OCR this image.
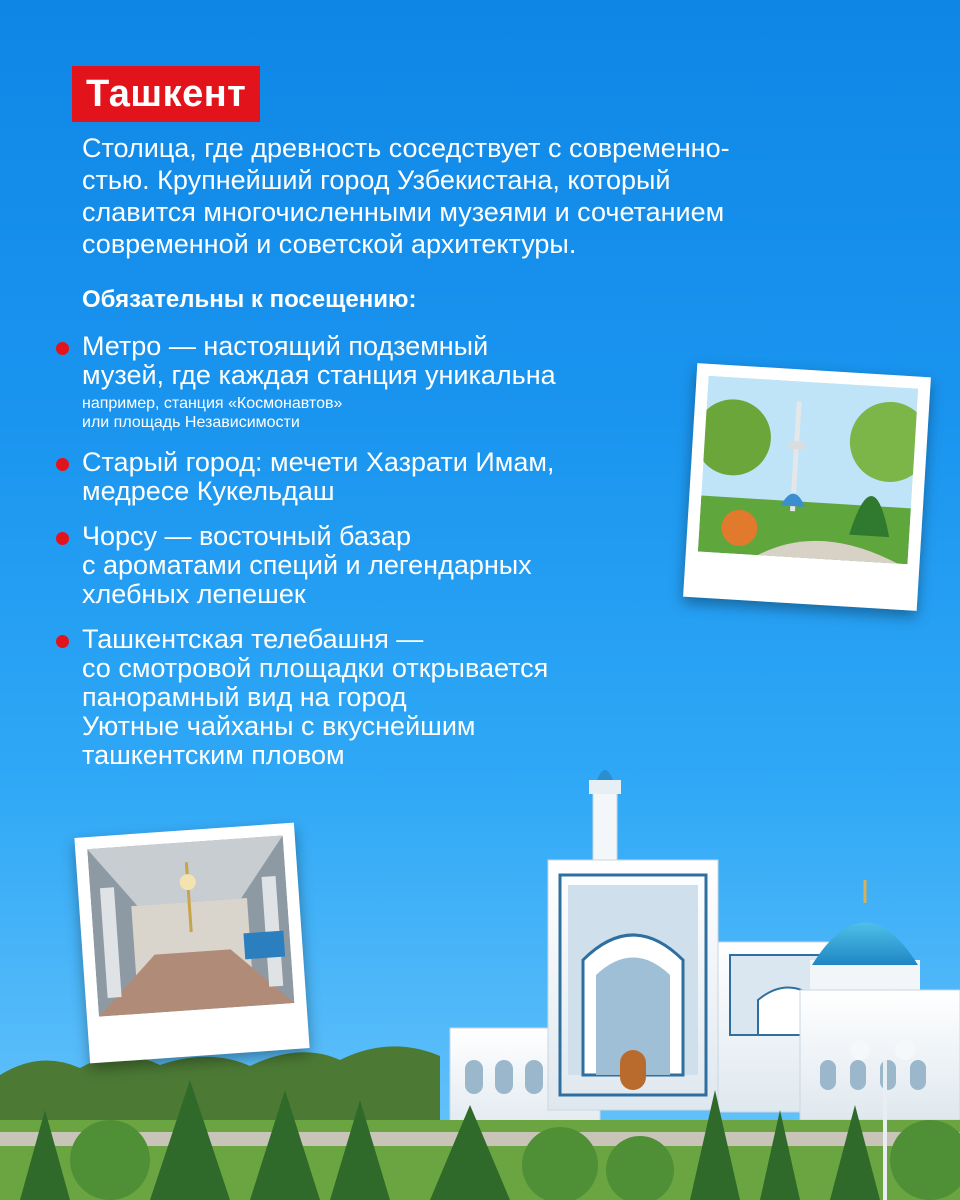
Ташкент
Столица, где древность соседствует с современно-
стью. Крупнейший город Узбекистана, который
славится многочисленными музеями и сочетанием
современной и советской архитектуры.
Обязательны к посещению:
Метро — настоящий подземный
музей, где каждая станция уникальна
например, станция «Космонавтов»
или площадь Независимости
Старый город: мечети Хазрати Имам,
медресе Кукельдаш
Чорсу — восточный базар
с ароматами специй и легендарных
хлебных лепешек
Ташкентская телебашня —
со смотровой площадки открывается
панорамный вид на город
Уютные чайханы с вкуснейшим
ташкентским пловом
